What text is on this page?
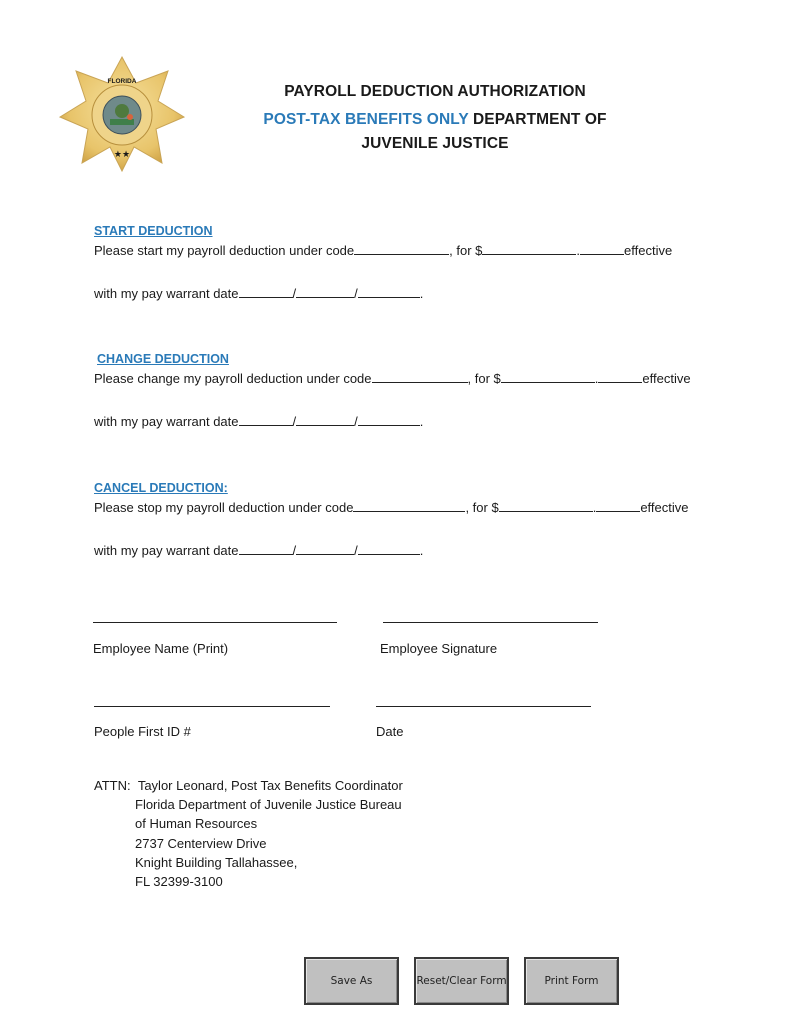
FLORIDA
★★
PAYROLL DEDUCTION AUTHORIZATION
POST-TAX BENEFITS ONLY DEPARTMENT OF
JUVENILE JUSTICE
START DEDUCTION
Please start my payroll deduction under code	, for $	.	effective
with my pay warrant date	/	/	.
CHANGE DEDUCTION
Please change my payroll deduction under code	, for $	.	effective
with my pay warrant date	/	/	.
CANCEL DEDUCTION:
Please stop my payroll deduction under code	, for $	.	effective
with my pay warrant date	/	/	.
Employee Name (Print)	Employee Signature
People First ID #	Date
ATTN: Taylor Leonard, Post Tax Benefits Coordinator
Florida Department of Juvenile Justice Bureau
of Human Resources
2737 Centerview Drive
Knight Building Tallahassee,
FL 32399-3100
Save As	Reset/Clear Form	Print Form
